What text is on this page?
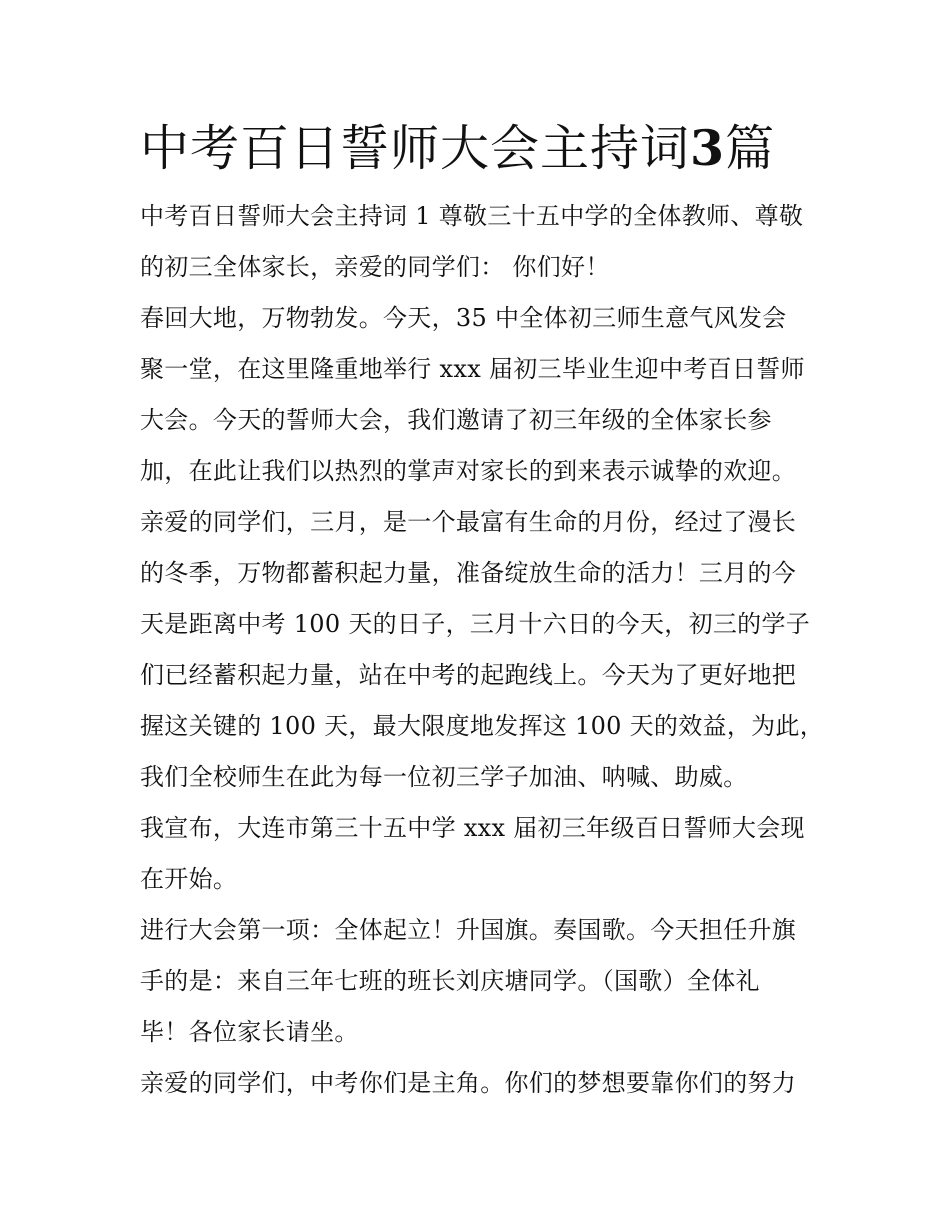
中考百日誓师大会主持词3篇

中考百日誓师大会主持词 1 尊敬三十五中学的全体教师、尊敬

的初三全体家长，亲爱的同学们： 你们好！

春回大地，万物勃发。今天，35 中全体初三师生意气风发会

聚一堂，在这里隆重地举行 xxx 届初三毕业生迎中考百日誓师

大会。今天的誓师大会，我们邀请了初三年级的全体家长参

加，在此让我们以热烈的掌声对家长的到来表示诚挚的欢迎。

亲爱的同学们，三月，是一个最富有生命的月份，经过了漫长

的冬季，万物都蓄积起力量，准备绽放生命的活力！三月的今

天是距离中考 100 天的日子，三月十六日的今天，初三的学子

们已经蓄积起力量，站在中考的起跑线上。今天为了更好地把

握这关键的 100 天，最大限度地发挥这 100 天的效益，为此，

我们全校师生在此为每一位初三学子加油、呐喊、助威。

我宣布，大连市第三十五中学 xxx 届初三年级百日誓师大会现

在开始。

进行大会第一项：全体起立！升国旗。奏国歌。今天担任升旗

手的是：来自三年七班的班长刘庆塘同学。（国歌）全体礼

毕！各位家长请坐。

亲爱的同学们，中考你们是主角。你们的梦想要靠你们的努力
